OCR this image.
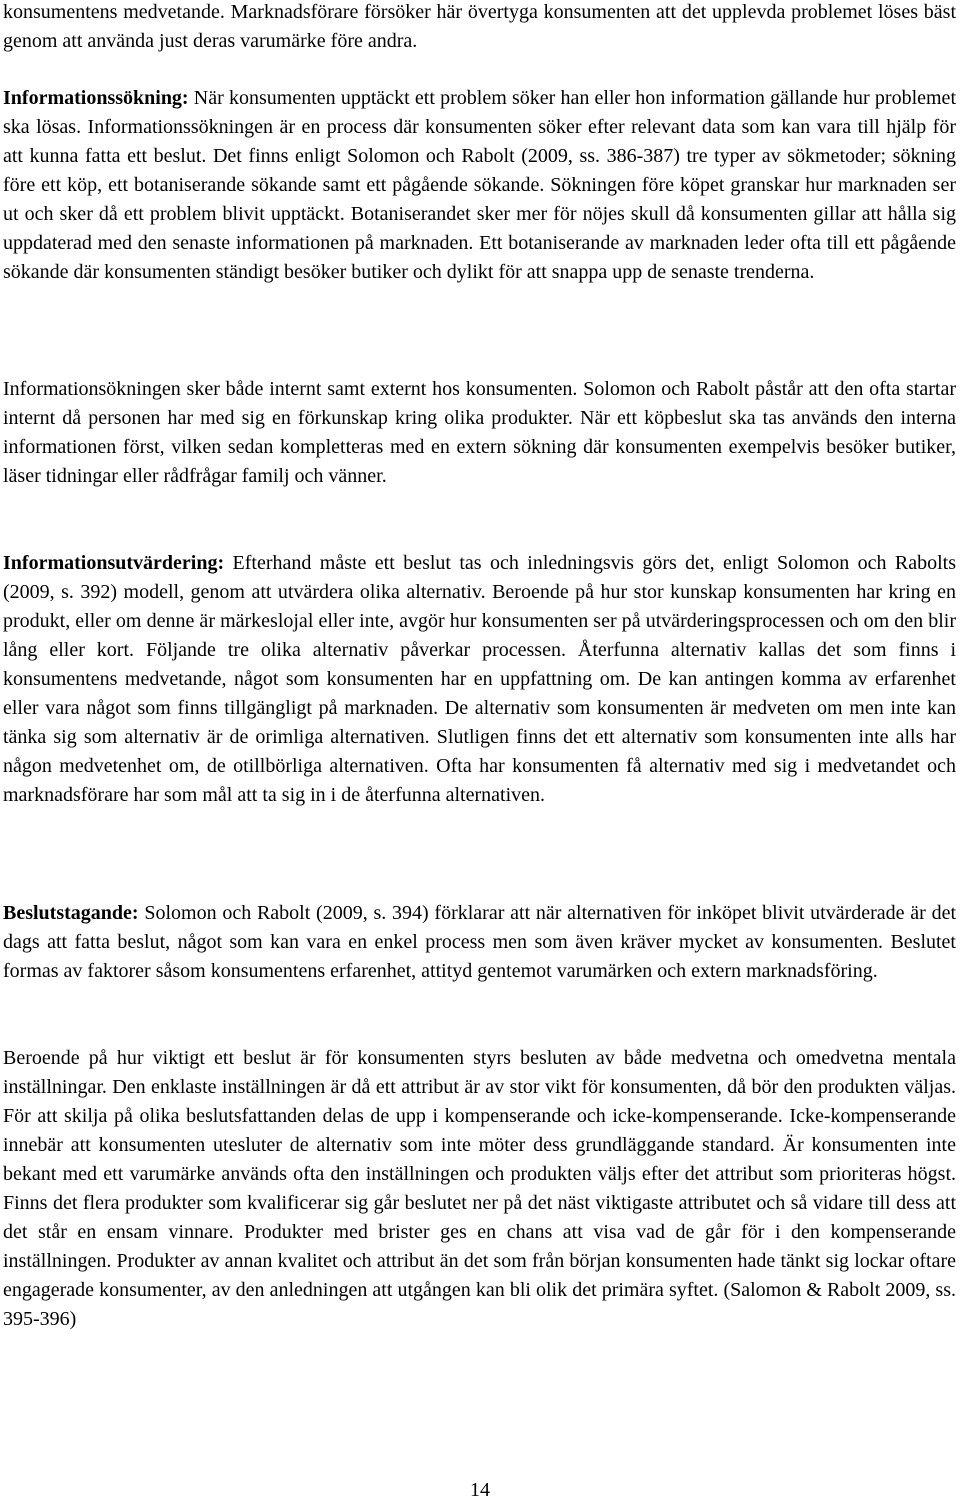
konsumentens medvetande. Marknadsförare försöker här övertyga konsumenten att det upplevda problemet löses bäst genom att använda just deras varumärke före andra.

Informationssökning: När konsumenten upptäckt ett problem söker han eller hon information gällande hur problemet ska lösas. Informationssökningen är en process där konsumenten söker efter relevant data som kan vara till hjälp för att kunna fatta ett beslut. Det finns enligt Solomon och Rabolt (2009, ss. 386-387) tre typer av sökmetoder; sökning före ett köp, ett botaniserande sökande samt ett pågående sökande. Sökningen före köpet granskar hur marknaden ser ut och sker då ett problem blivit upptäckt. Botaniserandet sker mer för nöjes skull då konsumenten gillar att hålla sig uppdaterad med den senaste informationen på marknaden. Ett botaniserande av marknaden leder ofta till ett pågående sökande där konsumenten ständigt besöker butiker och dylikt för att snappa upp de senaste trenderna.

Informationsökningen sker både internt samt externt hos konsumenten. Solomon och Rabolt påstår att den ofta startar internt då personen har med sig en förkunskap kring olika produkter. När ett köpbeslut ska tas används den interna informationen först, vilken sedan kompletteras med en extern sökning där konsumenten exempelvis besöker butiker, läser tidningar eller rådfrågar familj och vänner.

Informationsutvärdering: Efterhand måste ett beslut tas och inledningsvis görs det, enligt Solomon och Rabolts (2009, s. 392) modell, genom att utvärdera olika alternativ. Beroende på hur stor kunskap konsumenten har kring en produkt, eller om denne är märkeslojal eller inte, avgör hur konsumenten ser på utvärderingsprocessen och om den blir lång eller kort. Följande tre olika alternativ påverkar processen. Återfunna alternativ kallas det som finns i konsumentens medvetande, något som konsumenten har en uppfattning om. De kan antingen komma av erfarenhet eller vara något som finns tillgängligt på marknaden. De alternativ som konsumenten är medveten om men inte kan tänka sig som alternativ är de orimliga alternativen. Slutligen finns det ett alternativ som konsumenten inte alls har någon medvetenhet om, de otillbörliga alternativen. Ofta har konsumenten få alternativ med sig i medvetandet och marknadsförare har som mål att ta sig in i de återfunna alternativen.

Beslutstagande: Solomon och Rabolt (2009, s. 394) förklarar att när alternativen för inköpet blivit utvärderade är det dags att fatta beslut, något som kan vara en enkel process men som även kräver mycket av konsumenten. Beslutet formas av faktorer såsom konsumentens erfarenhet, attityd gentemot varumärken och extern marknadsföring.

Beroende på hur viktigt ett beslut är för konsumenten styrs besluten av både medvetna och omedvetna mentala inställningar. Den enklaste inställningen är då ett attribut är av stor vikt för konsumenten, då bör den produkten väljas. För att skilja på olika beslutsfattanden delas de upp i kompenserande och icke-kompenserande. Icke-kompenserande innebär att konsumenten utesluter de alternativ som inte möter dess grundläggande standard. Är konsumenten inte bekant med ett varumärke används ofta den inställningen och produkten väljs efter det attribut som prioriteras högst. Finns det flera produkter som kvalificerar sig går beslutet ner på det näst viktigaste attributet och så vidare till dess att det står en ensam vinnare. Produkter med brister ges en chans att visa vad de går för i den kompenserande inställningen. Produkter av annan kvalitet och attribut än det som från början konsumenten hade tänkt sig lockar oftare engagerade konsumenter, av den anledningen att utgången kan bli olik det primära syftet. (Salomon & Rabolt 2009, ss. 395-396)

14
